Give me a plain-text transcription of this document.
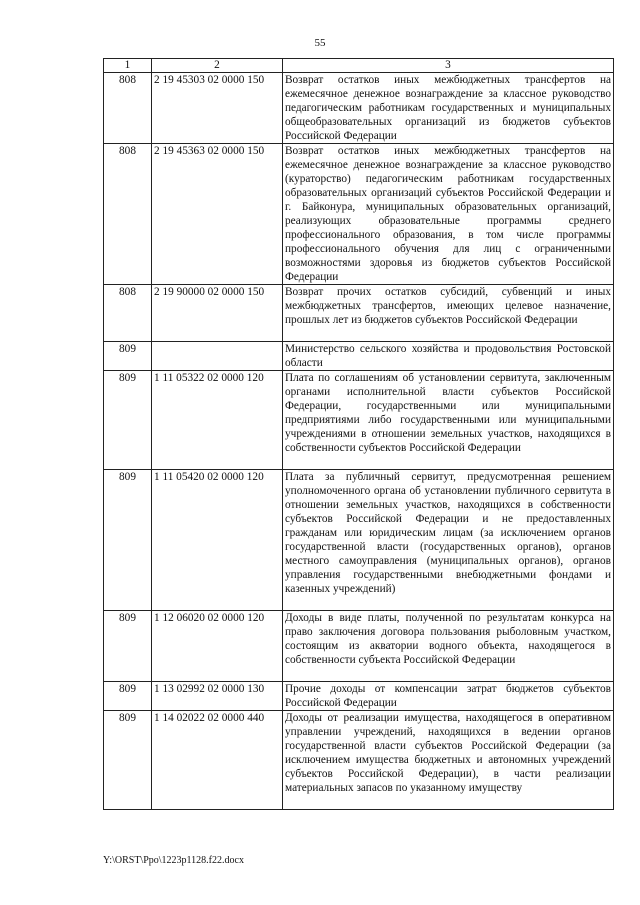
55
1	2	3
808	2 19 45303 02 0000 150	Возврат остатков иных межбюджетных трансфертов на ежемесячное денежное вознаграждение за классное руководство педагогическим работникам государственных и муниципальных общеобразовательных организаций из бюджетов субъектов Российской Федерации
808	2 19 45363 02 0000 150	Возврат остатков иных межбюджетных трансфертов на ежемесячное денежное вознаграждение за классное руководство (кураторство) педагогическим работникам государственных образовательных организаций субъектов Российской Федерации и г. Байконура, муниципальных образовательных организаций, реализующих образовательные программы среднего профессионального образования, в том числе программы профессионального обучения для лиц с ограниченными возможностями здоровья из бюджетов субъектов Российской Федерации
808	2 19 90000 02 0000 150	Возврат прочих остатков субсидий, субвенций и иных межбюджетных трансфертов, имеющих целевое назначение, прошлых лет из бюджетов субъектов Российской Федерации
809		Министерство сельского хозяйства и продовольствия Ростовской области
809	1 11 05322 02 0000 120	Плата по соглашениям об установлении сервитута, заключенным органами исполнительной власти субъектов Российской Федерации, государственными или муниципальными предприятиями либо государственными или муниципальными учреждениями в отношении земельных участков, находящихся в собственности субъектов Российской Федерации
809	1 11 05420 02 0000 120	Плата за публичный сервитут, предусмотренная решением уполномоченного органа об установлении публичного сервитута в отношении земельных участков, находящихся в собственности субъектов Российской Федерации и не предоставленных гражданам или юридическим лицам (за исключением органов государственной власти (государственных органов), органов местного самоуправления (муниципальных органов), органов управления государственными внебюджетными фондами и казенных учреждений)
809	1 12 06020 02 0000 120	Доходы в виде платы, полученной по результатам конкурса на право заключения договора пользования рыболовным участком, состоящим из акватории водного объекта, находящегося в собственности субъекта Российской Федерации
809	1 13 02992 02 0000 130	Прочие доходы от компенсации затрат бюджетов субъектов Российской Федерации
809	1 14 02022 02 0000 440	Доходы от реализации имущества, находящегося в оперативном управлении учреждений, находящихся в ведении органов государственной власти субъектов Российской Федерации (за исключением имущества бюджетных и автономных учреждений субъектов Российской Федерации), в части реализации материальных запасов по указанному имуществу
Y:\ORST\Ppo\1223p1128.f22.docx
